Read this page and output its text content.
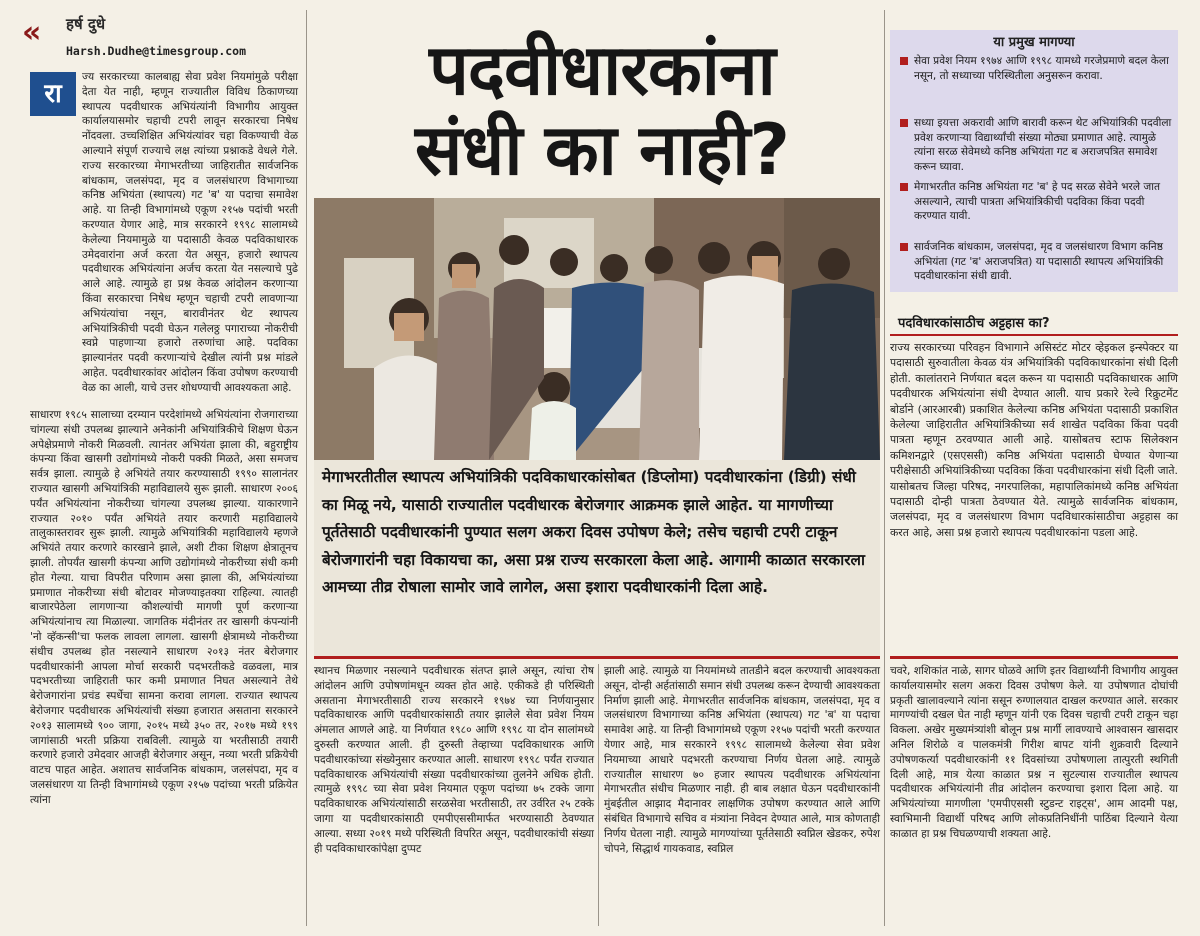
« हर्ष दुधे
Harsh.Dudhe@timesgroup.com
रा
ज्य सरकारच्या कालबाह्य सेवा प्रवेश नियमांमुळे परीक्षा देता येत नाही, म्हणून राज्यातील विविध ठिकाणच्या स्थापत्य पदवीधारक अभियंत्यांनी विभागीय आयुक्त कार्यालयासमोर चहाची टपरी लावून सरकारचा निषेध नोंदवला. उच्चशिक्षित अभियंत्यांवर चहा विकण्याची वेळ आल्याने संपूर्ण राज्याचे लक्ष त्यांच्या प्रश्नाकडे वेधले गेले. राज्य सरकारच्या मेगाभरतीच्या जाहिरातीत सार्वजनिक बांधकाम, जलसंपदा, मृद व जलसंधारण विभागाच्या कनिष्ठ अभियंता (स्थापत्य) गट 'ब' या पदाचा समावेश आहे. या तिन्ही विभागांमध्ये एकूण २१५७ पदांची भरती करण्यात येणार आहे, मात्र सरकारने १९९८ सालामध्ये केलेल्या नियमामुळे या पदासाठी केवळ पदविकाधारक उमेदवारांना अर्ज करता येत असून, हजारो स्थापत्य पदवीधारक अभियंत्यांना अर्जच करता येत नसल्याचे पुढे आले आहे. त्यामुळे हा प्रश्न केवळ आंदोलन करणाऱ्या किंवा सरकारचा निषेध म्हणून चहाची टपरी लावणाऱ्या अभियंत्यांचा नसून, बारावीनंतर थेट स्थापत्य अभियांत्रिकीची पदवी घेऊन गलेलठ्ठ पगाराच्या नोकरीची स्वप्ने पाहणाऱ्या हजारो तरुणांचा आहे. पदविका झाल्यानंतर पदवी करणाऱ्यांचे देखील त्यांनी प्रश्न मांडले आहेत. पदवीधारकांवर आंदोलन किंवा उपोषण करण्याची वेळ का आली, याचे उत्तर शोधण्याची आवश्यकता आहे.
साधारण १९८५ सालाच्या दरम्यान परदेशांमध्ये अभियंत्यांना रोजगाराच्या चांगल्या संधी उपलब्ध झाल्याने अनेकांनी अभियांत्रिकीचे शिक्षण घेऊन अपेक्षेप्रमाणे नोकरी मिळवली. त्यानंतर अभियंता झाला की, बहुराष्ट्रीय कंपन्या किंवा खासगी उद्योगांमध्ये नोकरी पक्की मिळते, असा समजच सर्वत्र झाला. त्यामुळे हे अभियंते तयार करण्यासाठी १९९० सालानंतर राज्यात खासगी अभियांत्रिकी महाविद्यालये सुरू झाली. साधारण २००६ पर्यंत अभियंत्यांना नोकरीच्या चांगल्या उपलब्ध झाल्या. याकारणाने राज्यात २०१० पर्यंत अभियंते तयार करणारी महाविद्यालये तालुकास्तरावर सुरू झाली. त्यामुळे अभियांत्रिकी महाविद्यालये म्हणजे अभियंते तयार करणारे कारखाने झाले, अशी टीका शिक्षण क्षेत्रातूनच झाली. तोपर्यंत खासगी कंपन्या आणि उद्योगांमध्ये नोकरीच्या संधी कमी होत गेल्या. याचा विपरीत परिणाम असा झाला की, अभियंत्यांच्या प्रमाणात नोकरीच्या संधी बोटावर मोजण्याइतक्या राहिल्या. त्यातही बाजारपेठेला लागणाऱ्या कौशल्यांची मागणी पूर्ण करणाऱ्या अभियंत्यांनाच त्या मिळाल्या. जागतिक मंदीनंतर तर खासगी कंपन्यांनी 'नो व्हॅकन्सी'चा फलक लावला लागला. खासगी क्षेत्रामध्ये नोकरीच्या संधीच उपलब्ध होत नसल्याने साधारण २०१३ नंतर बेरोजगार पदवीधारकांनी आपला मोर्चा सरकारी पदभरतीकडे वळवला, मात्र पदभरतीच्या जाहिराती फार कमी प्रमाणात निघत असल्याने तेथे बेरोजगारांना प्रचंड स्पर्धेचा सामना करावा लागला. राज्यात स्थापत्य बेरोजगार पदवीधारक अभियंत्यांची संख्या हजारात असताना सरकारने २०१३ सालामध्ये ९०० जागा, २०१५ मध्ये ३५० तर, २०१७ मध्ये १९९ जागांसाठी भरती प्रक्रिया राबविली. त्यामुळे या भरतीसाठी तयारी करणारे हजारो उमेदवार आजही बेरोजगार असून, नव्या भरती प्रक्रियेची वाटच पाहत आहेत. अशातच सार्वजनिक बांधकाम, जलसंपदा, मृद व जलसंधारण या तिन्ही विभागांमध्ये एकूण २१५७ पदांच्या भरती प्रक्रियेत त्यांना
पदवीधारकांना
संधी का नाही?
मेगाभरतीतील स्थापत्य अभियांत्रिकी पदविकाधारकांसोबत (डिप्लोमा) पदवीधारकांना (डिग्री) संधी का मिळू नये, यासाठी राज्यातील पदवीधारक बेरोजगार आक्रमक झाले आहेत. या मागणीच्या पूर्ततेसाठी पदवीधारकांनी पुण्यात सलग अकरा दिवस उपोषण केले; तसेच चहाची टपरी टाकून बेरोजगारांनी चहा विकायचा का, असा प्रश्न राज्य सरकारला केला आहे. आगामी काळात सरकारला आमच्या तीव्र रोषाला सामोर जावे लागेल, असा इशारा पदवीधारकांनी दिला आहे.
स्थानच मिळणार नसल्याने पदवीधारक संतप्त झाले असून, त्यांचा रोष आंदोलन आणि उपोषणांमधून व्यक्त होत आहे. एकीकडे ही परिस्थिती असताना मेगाभरतीसाठी राज्य सरकारने १९७४ च्या निर्णयानुसार पदविकाधारक आणि पदवीधारकांसाठी तयार झालेले सेवा प्रवेश नियम अंमलात आणले आहे. या निर्णयात १९८० आणि १९९८ या दोन सालांमध्ये दुरुस्ती करण्यात आली. ही दुरुस्ती तेव्हाच्या पदविकाधारक आणि पदवीधारकांच्या संख्येनुसार करण्यात आली. साधारण १९९८ पर्यंत राज्यात पदविकाधारक अभियंत्यांची संख्या पदवीधारकांच्या तुलनेने अधिक होती. त्यामुळे १९९८ च्या सेवा प्रवेश नियमात एकूण पदांच्या ७५ टक्के जागा पदविकाधारक अभियंत्यांसाठी सरळसेवा भरतीसाठी, तर उर्वरित २५ टक्के जागा या पदवीधारकांसाठी एमपीएससीमार्फत भरण्यासाठी ठेवण्यात आल्या. सध्या २०१९ मध्ये परिस्थिती विपरित असून, पदवीधारकांची संख्या ही पदविकाधारकांपेक्षा दुप्पट
झाली आहे. त्यामुळे या नियमांमध्ये तातडीने बदल करण्याची आवश्यकता असून, दोन्ही अर्हतांसाठी समान संधी उपलब्ध करून देण्याची आवश्यकता निर्माण झाली आहे. मेगाभरतीत सार्वजनिक बांधकाम, जलसंपदा, मृद व जलसंधारण विभागाच्या कनिष्ठ अभियंता (स्थापत्य) गट 'ब' या पदाचा समावेश आहे. या तिन्ही विभागांमध्ये एकूण २१५७ पदांची भरती करण्यात येणार आहे, मात्र सरकारने १९९८ सालामध्ये केलेल्या सेवा प्रवेश नियमाच्या आधारे पदभरती करण्याचा निर्णय घेतला आहे. त्यामुळे राज्यातील साधारण ७० हजार स्थापत्य पदवीधारक अभियंत्यांना मेगाभरतीत संधीच मिळणार नाही. ही बाब लक्षात घेऊन पदवीधारकांनी मुंबईतील आझाद मैदानावर लाक्षणिक उपोषण करण्यात आले आणि संबंधित विभागाचे सचिव व मंत्र्यांना निवेदन देण्यात आले, मात्र कोणताही निर्णय घेतला नाही. त्यामुळे मागण्यांच्या पूर्ततेसाठी स्वप्निल खेडकर, रुपेश चोपने, सिद्धार्थ गायकवाड, स्वप्निल
चवरे, शशिकांत नाळे, सागर घोळवे आणि इतर विद्यार्थ्यांनी विभागीय आयुक्त कार्यालयासमोर सलग अकरा दिवस उपोषण केले. या उपोषणात दोघांची प्रकृती खालावल्याने त्यांना ससून रुग्णालयात दाखल करण्यात आले. सरकार मागण्यांची दखल घेत नाही म्हणून यांनी एक दिवस चहाची टपरी टाकून चहा विकला. अखेर मुख्यमंत्र्यांशी बोलून प्रश्न मार्गी लावण्याचे आश्वासन खासदार अनिल शिरोळे व पालकमंत्री गिरीश बापट यांनी शुक्रवारी दिल्याने उपोषणकर्त्या पदवीधारकांनी ११ दिवसांच्या उपोषणाला तात्पुरती स्थगिती दिली आहे, मात्र येत्या काळात प्रश्न न सुटल्यास राज्यातील स्थापत्य पदवीधारक अभियंत्यांनी तीव्र आंदोलन करण्याचा इशारा दिला आहे. या अभियंत्यांच्या मागणीला 'एमपीएससी स्टुडन्ट राइट्स', आम आदमी पक्ष, स्वाभिमानी विद्यार्थी परिषद आणि लोकप्रतिनिधींनी पाठिंबा दिल्याने येत्या काळात हा प्रश्न चिघळण्याची शक्यता आहे.
या प्रमुख मागण्या
सेवा प्रवेश नियम १९७४ आणि १९९८ यामध्ये गरजेप्रमाणे बदल केला नसून, तो सध्याच्या परिस्थितीला अनुसरून करावा.
सध्या इयत्ता अकरावी आणि बारावी करून थेट अभियांत्रिकी पदवीला प्रवेश करणाऱ्या विद्यार्थ्यांची संख्या मोठ्या प्रमाणात आहे. त्यामुळे त्यांना सरळ सेवेमध्ये कनिष्ठ अभियंता गट ब अराजपत्रित समावेश करून घ्यावा.
मेगाभरतीत कनिष्ठ अभियंता गट 'ब' हे पद सरळ सेवेने भरले जात असल्याने, त्याची पात्रता अभियांत्रिकीची पदविका किंवा पदवी करण्यात यावी.
सार्वजनिक बांधकाम, जलसंपदा, मृद व जलसंधारण विभाग कनिष्ठ अभियंता (गट 'ब' अराजपत्रित) या पदासाठी स्थापत्य अभियांत्रिकी पदवीधारकांना संधी द्यावी.
पदविधारकांसाठीच अट्टहास का?
राज्य सरकारच्या परिवहन विभागाने असिस्टंट मोटर व्हेइकल इन्स्पेक्टर या पदासाठी सुरुवातीला केवळ यंत्र अभियांत्रिकी पदविकाधारकांना संधी दिली होती. कालांतराने निर्णयात बदल करून या पदासाठी पदविकाधारक आणि पदवीधारक अभियंत्यांना संधी देण्यात आली. याच प्रकारे रेल्वे रिक्रुटमेंट बोर्डाने (आरआरबी) प्रकाशित केलेल्या कनिष्ठ अभियंता पदासाठी प्रकाशित केलेल्या जाहिरातीत अभियांत्रिकीच्या सर्व शाखेत पदविका किंवा पदवी पात्रता म्हणून ठरवण्यात आली आहे. यासोबतच स्टाफ सिलेक्शन कमिशनद्वारे (एसएससी) कनिष्ठ अभियंता पदासाठी घेण्यात येणाऱ्या परीक्षेसाठी अभियांत्रिकीच्या पदविका किंवा पदवीधारकांना संधी दिली जाते. यासोबतच जिल्हा परिषद, नगरपालिका, महापालिकांमध्ये कनिष्ठ अभियंता पदासाठी दोन्ही पात्रता ठेवण्यात येते. त्यामुळे सार्वजनिक बांधकाम, जलसंपदा, मृद व जलसंधारण विभाग पदविधारकांसाठीचा अट्टहास का करत आहे, असा प्रश्न हजारो स्थापत्य पदवीधारकांना पडला आहे.
